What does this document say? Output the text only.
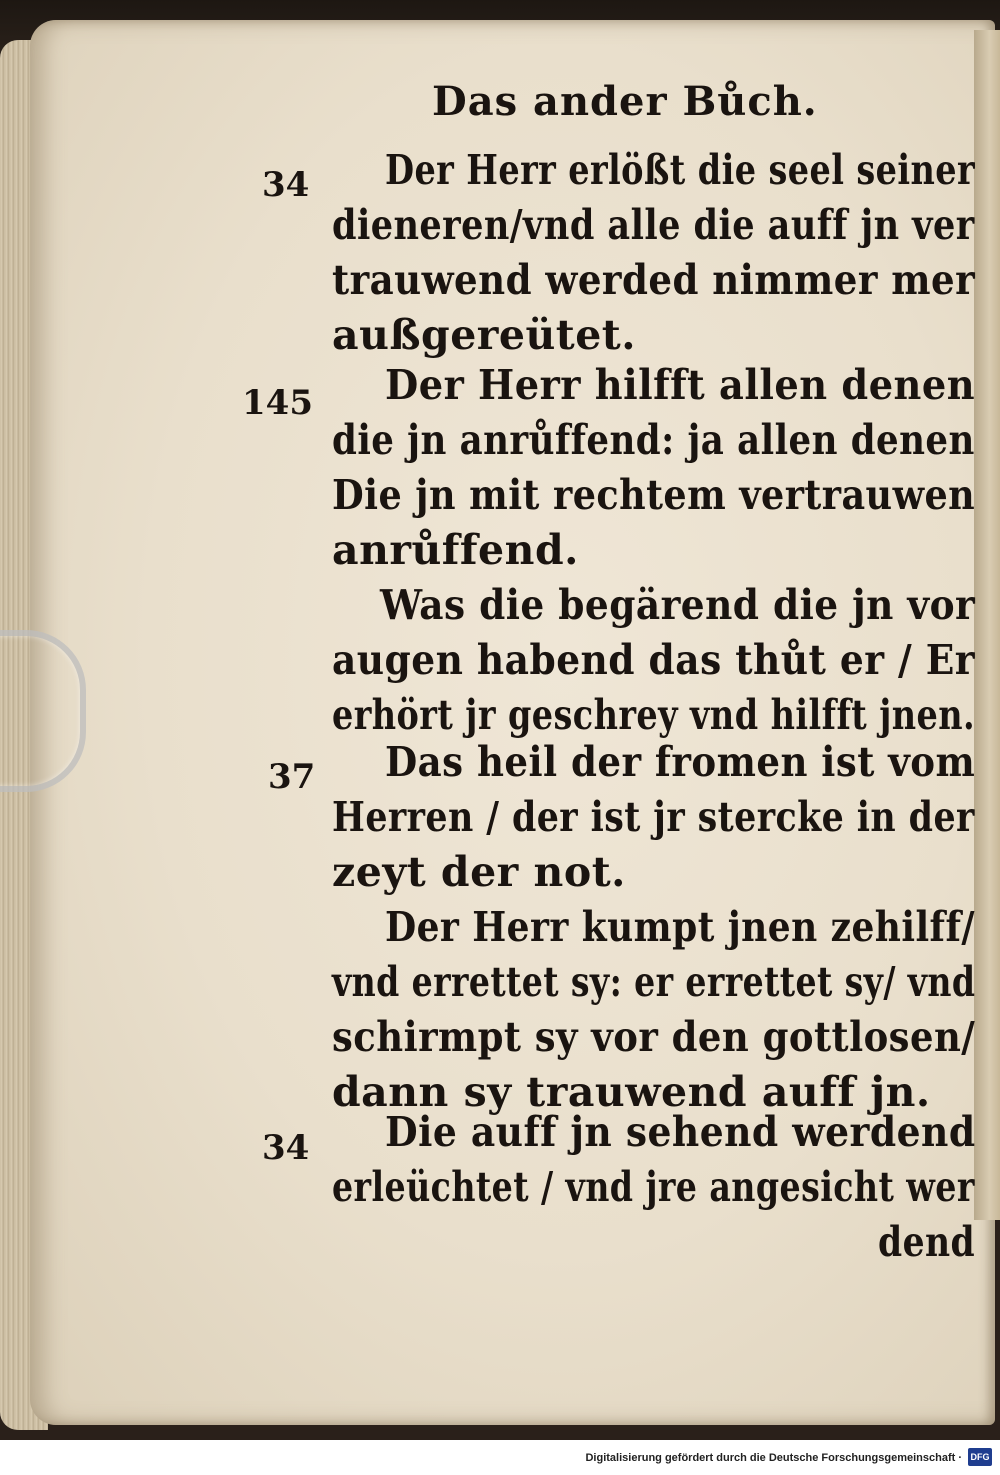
Das ander Bůch.
34 Der Herr erlößt die seel seiner
dieneren/vnd alle die auff jn ver
trauwend werded nimmer mer
außgereütet.
145 Der Herr hilfft allen denen
die jn anrůffend: ja allen denen
Die jn mit rechtem vertrauwen
anrůffend.
Was die begärend die jn vor
augen habend das thůt er / Er
erhört jr geschrey vnd hilfft jnen.
37 Das heil der fromen ist vom
Herren / der ist jr stercke in der
zeyt der not.
Der Herr kumpt jnen zehilff/
vnd errettet sy: er errettet sy/ vnd
schirmpt sy vor den gottlosen/
dann sy trauwend auff jn.
34 Die auff jn sehend werdend
erleüchtet / vnd jre angesicht wer
dend
Digitalisierung gefördert durch die Deutsche Forschungsgemeinschaft · DFG
